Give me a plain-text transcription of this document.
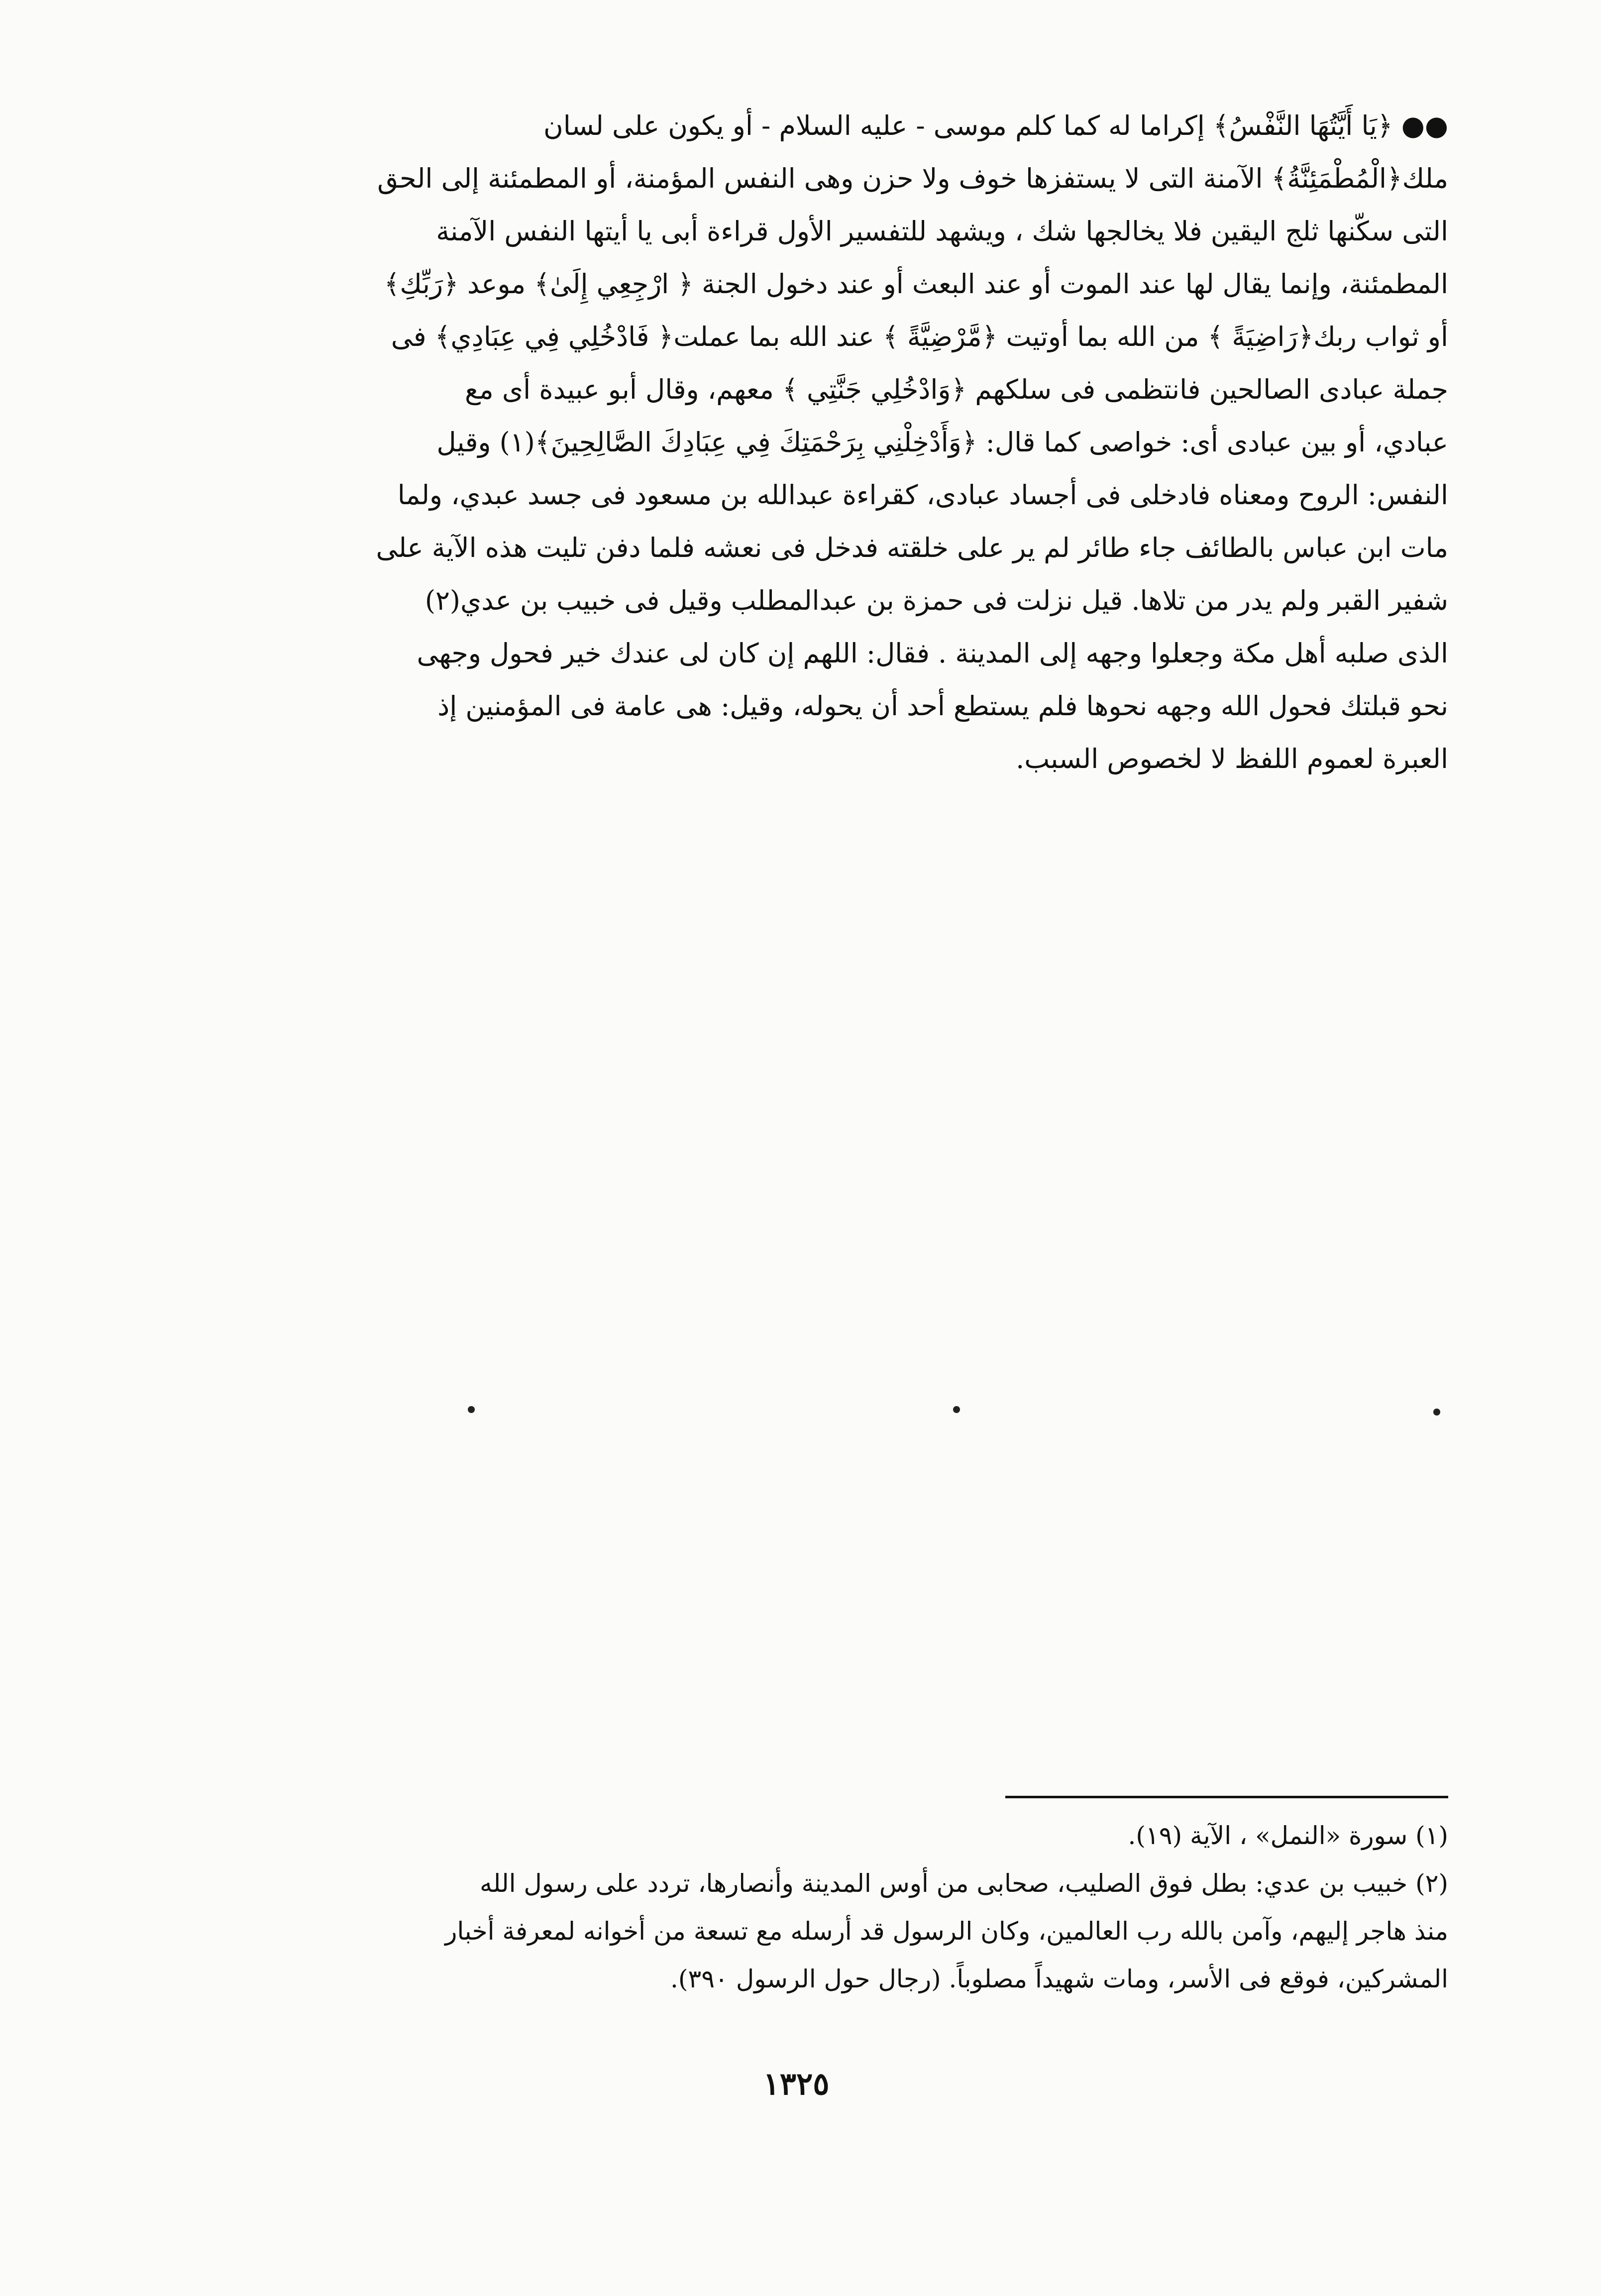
●● ﴿يَا أَيَّتُهَا النَّفْسُ﴾ إكراما له كما كلم موسى - عليه السلام - أو يكون على لسان
ملك﴿الْمُطْمَئِنَّةُ﴾ الآمنة التى لا يستفزها خوف ولا حزن وهى النفس المؤمنة، أو المطمئنة إلى الحق
التى سكّنها ثلج اليقين فلا يخالجها شك ، ويشهد للتفسير الأول قراءة أبى يا أيتها النفس الآمنة
المطمئنة، وإنما يقال لها عند الموت أو عند البعث أو عند دخول الجنة ﴿ ارْجِعِي إِلَىٰ﴾ موعد ﴿رَبِّكِ﴾
أو ثواب ربك﴿رَاضِيَةً ﴾ من الله بما أوتيت ﴿مَّرْضِيَّةً ﴾ عند الله بما عملت﴿ فَادْخُلِي فِي عِبَادِي﴾ فى
جملة عبادى الصالحين فانتظمى فى سلكهم ﴿وَادْخُلِي جَنَّتِي ﴾ معهم، وقال أبو عبيدة أى مع
عبادي، أو بين عبادى أى: خواصى كما قال: ﴿وَأَدْخِلْنِي بِرَحْمَتِكَ فِي عِبَادِكَ الصَّالِحِينَ﴾(١) وقيل
النفس: الروح ومعناه فادخلى فى أجساد عبادى، كقراءة عبدالله بن مسعود فى جسد عبدي، ولما
مات ابن عباس بالطائف جاء طائر لم ير على خلقته فدخل فى نعشه فلما دفن تليت هذه الآية على
شفير القبر ولم يدر من تلاها. قيل نزلت فى حمزة بن عبدالمطلب وقيل فى خبيب بن عدي(٢)
الذى صلبه أهل مكة وجعلوا وجهه إلى المدينة . فقال: اللهم إن كان لى عندك خير فحول وجهى
نحو قبلتك فحول الله وجهه نحوها فلم يستطع أحد أن يحوله، وقيل: هى عامة فى المؤمنين إذ
العبرة لعموم اللفظ لا لخصوص السبب.
(١) سورة «النمل» ، الآية (١٩).
(٢) خبيب بن عدي: بطل فوق الصليب، صحابى من أوس المدينة وأنصارها، تردد على رسول الله
منذ هاجر إليهم، وآمن بالله رب العالمين، وكان الرسول قد أرسله مع تسعة من أخوانه لمعرفة أخبار
المشركين، فوقع فى الأسر، ومات شهيداً مصلوباً. (رجال حول الرسول ٣٩٠).
١٣٢٥
